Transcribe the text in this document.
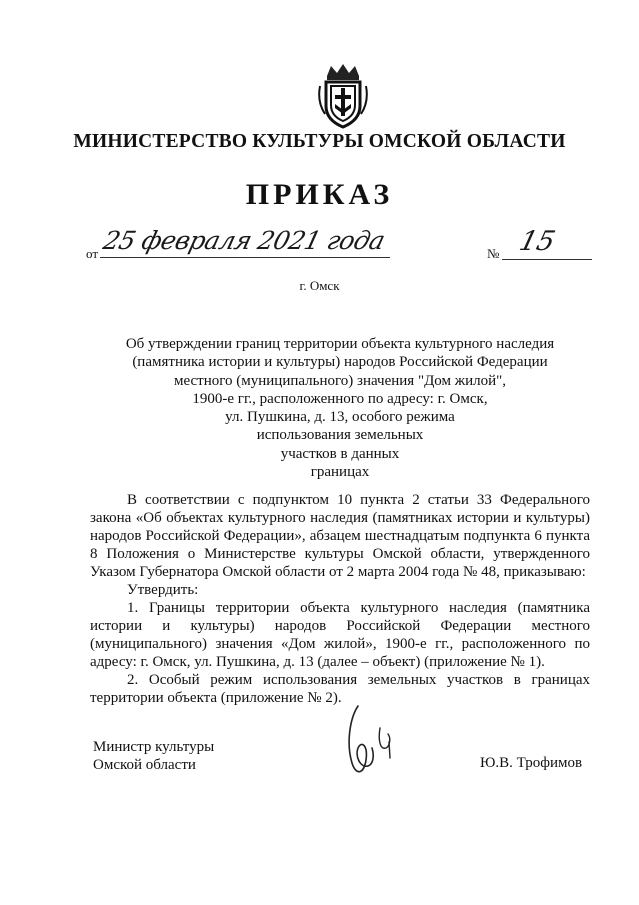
МИНИСТЕРСТВО КУЛЬТУРЫ ОМСКОЙ ОБЛАСТИ
ПРИКАЗ
от 25 февраля 2021 года	№ 15
г. Омск
Об утверждении границ территории объекта культурного наследия
(памятника истории и культуры) народов Российской Федерации
местного (муниципального) значения "Дом жилой",
1900-е гг., расположенного по адресу: г. Омск,
ул. Пушкина, д. 13, особого режима
использования земельных
участков в данных
границах

В соответствии с подпунктом 10 пункта 2 статьи 33 Федерального закона «Об объектах культурного наследия (памятниках истории и культуры) народов Российской Федерации», абзацем шестнадцатым подпункта 6 пункта 8 Положения о Министерстве культуры Омской области, утвержденного Указом Губернатора Омской области от 2 марта 2004 года № 48, приказываю:

Утвердить:

1. Границы территории объекта культурного наследия (памятника истории и культуры) народов Российской Федерации местного (муниципального) значения «Дом жилой», 1900-е гг., расположенного по адресу: г. Омск, ул. Пушкина, д. 13 (далее – объект) (приложение № 1).

2. Особый режим использования земельных участков в границах территории объекта (приложение № 2).

Министр культуры
Омской области	Ю.В. Трофимов
